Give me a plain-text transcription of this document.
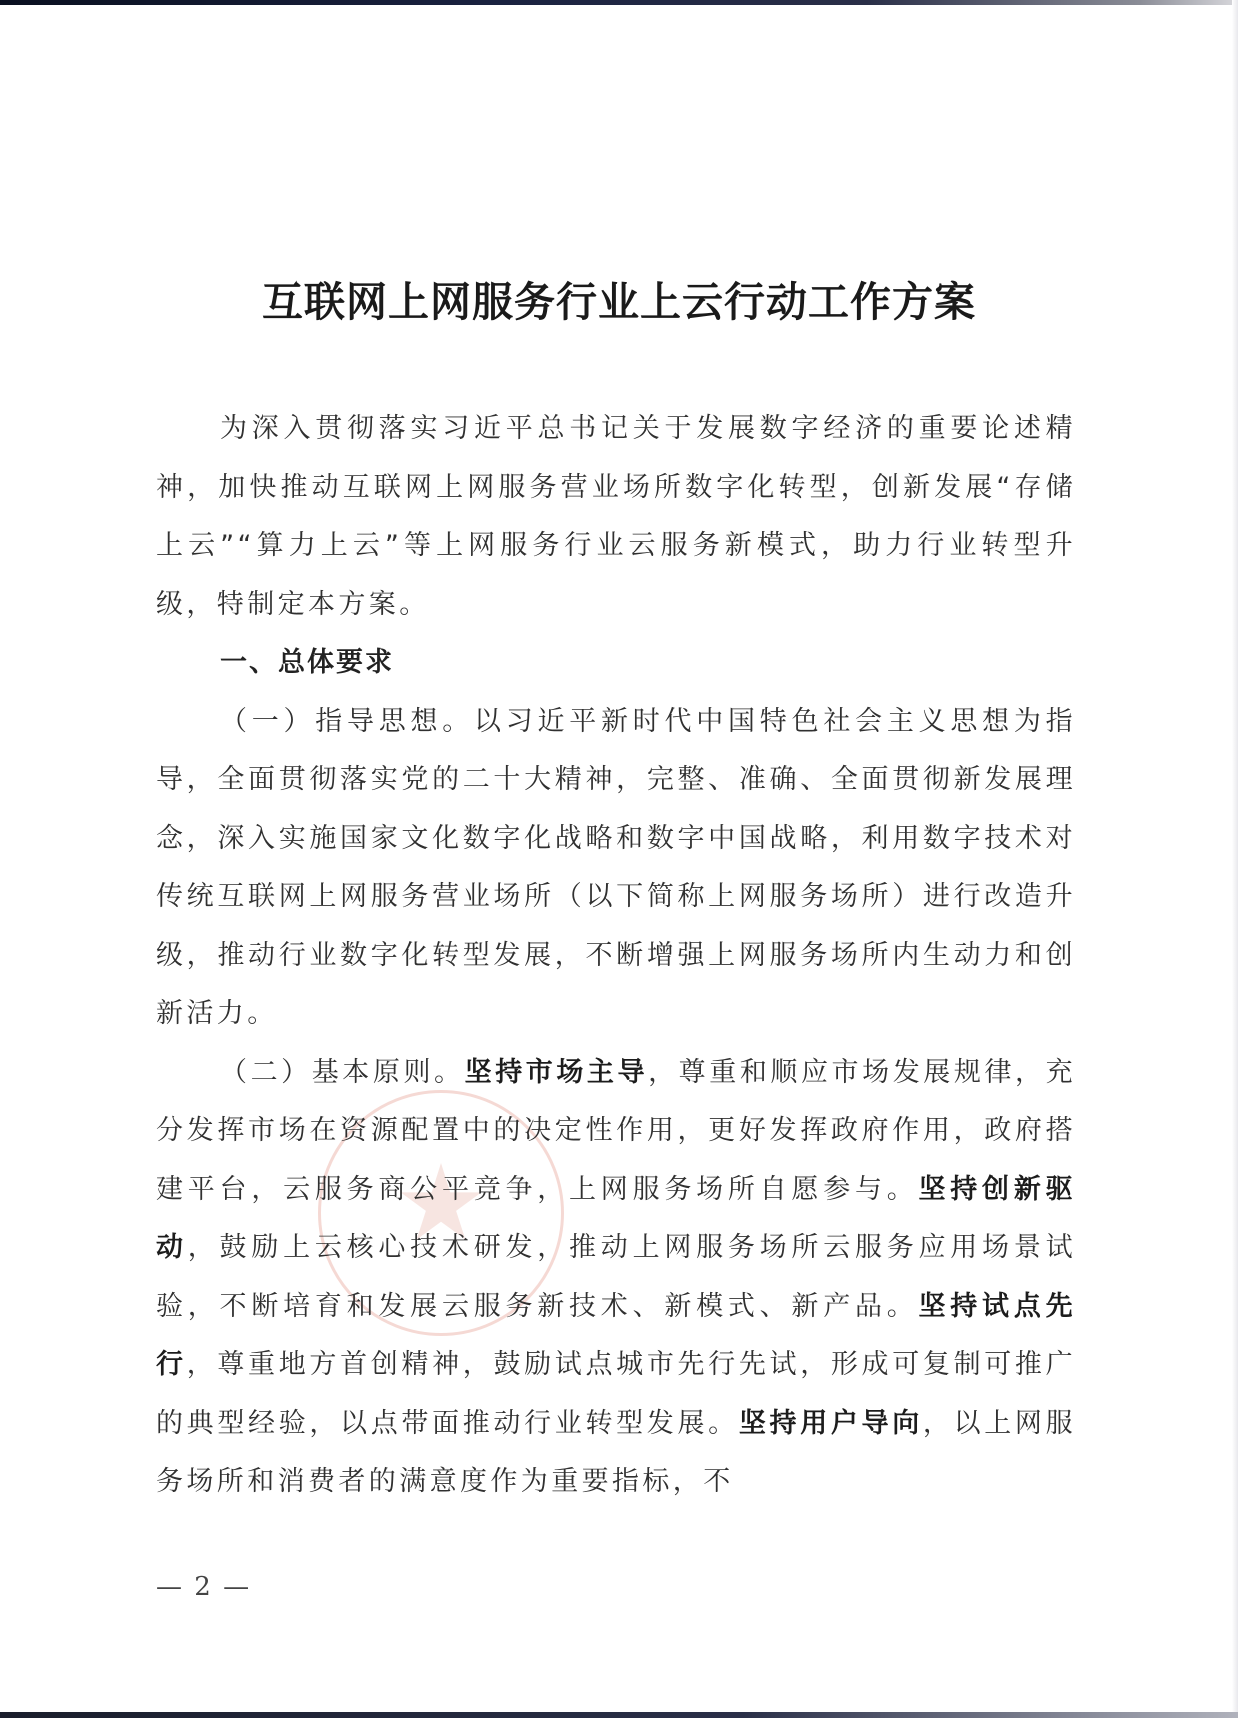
互联网上网服务行业上云行动工作方案

为深入贯彻落实习近平总书记关于发展数字经济的重要论述精神，加快推动互联网上网服务营业场所数字化转型，创新发展“存储上云”“算力上云”等上网服务行业云服务新模式，助力行业转型升级，特制定本方案。

一、总体要求

（一）指导思想。以习近平新时代中国特色社会主义思想为指导，全面贯彻落实党的二十大精神，完整、准确、全面贯彻新发展理念，深入实施国家文化数字化战略和数字中国战略，利用数字技术对传统互联网上网服务营业场所（以下简称上网服务场所）进行改造升级，推动行业数字化转型发展，不断增强上网服务场所内生动力和创新活力。

（二）基本原则。坚持市场主导，尊重和顺应市场发展规律，充分发挥市场在资源配置中的决定性作用，更好发挥政府作用，政府搭建平台，云服务商公平竞争，上网服务场所自愿参与。坚持创新驱动，鼓励上云核心技术研发，推动上网服务场所云服务应用场景试验，不断培育和发展云服务新技术、新模式、新产品。坚持试点先行，尊重地方首创精神，鼓励试点城市先行先试，形成可复制可推广的典型经验，以点带面推动行业转型发展。坚持用户导向，以上网服务场所和消费者的满意度作为重要指标，不

— 2 —
